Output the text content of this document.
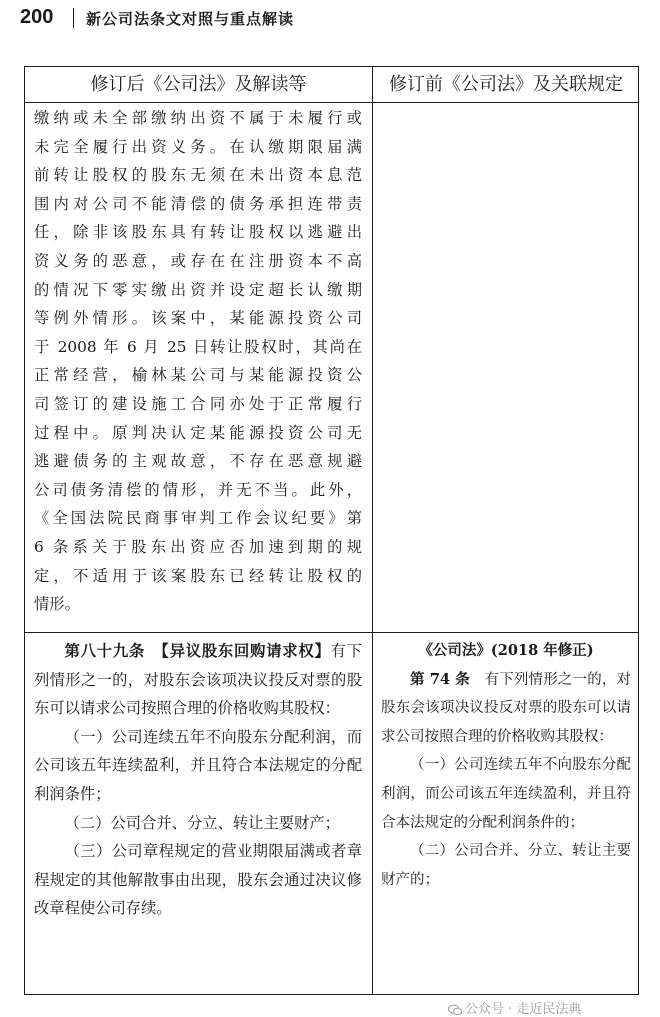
200 新公司法条文对照与重点解读
修订后《公司法》及解读等	修订前《公司法》及关联规定

缴纳或未全部缴纳出资不属于未履行或

未完全履行出资义务。在认缴期限届满

前转让股权的股东无须在未出资本息范

围内对公司不能清偿的债务承担连带责

任，除非该股东具有转让股权以逃避出

资义务的恶意，或存在在注册资本不高

的情况下零实缴出资并设定超长认缴期

等例外情形。该案中，某能源投资公司

于 2008 年 6 月 25 日转让股权时，其尚在

正常经营，榆林某公司与某能源投资公

司签订的建设施工合同亦处于正常履行

过程中。原判决认定某能源投资公司无

逃避债务的主观故意，不存在恶意规避

公司债务清偿的情形，并无不当。此外，

《全国法院民商事审判工作会议纪要》第

6 条系关于股东出资应否加速到期的规

定，不适用于该案股东已经转让股权的

情形。

第八十九条　 【异议股东回购请求权】有下列情形之一的，对股东会该项决议投反对票的股东可以请求公司按照合理的价格收购其股权：

（一）公司连续五年不向股东分配利润，而公司该五年连续盈利，并且符合本法规定的分配利润条件；

（二）公司合并、分立、转让主要财产；

（三）公司章程规定的营业期限届满或者章程规定的其他解散事由出现，股东会通过决议修改章程使公司存续。

《公司法》(2018 年修正)

第 74 条　有下列情形之一的，对股东会该项决议投反对票的股东可以请求公司按照合理的价格收购其股权：

（一）公司连续五年不向股东分配利润，而公司该五年连续盈利，并且符合本法规定的分配利润条件的；

（二）公司合并、分立、转让主要财产的；

公众号 · 走近民法典
